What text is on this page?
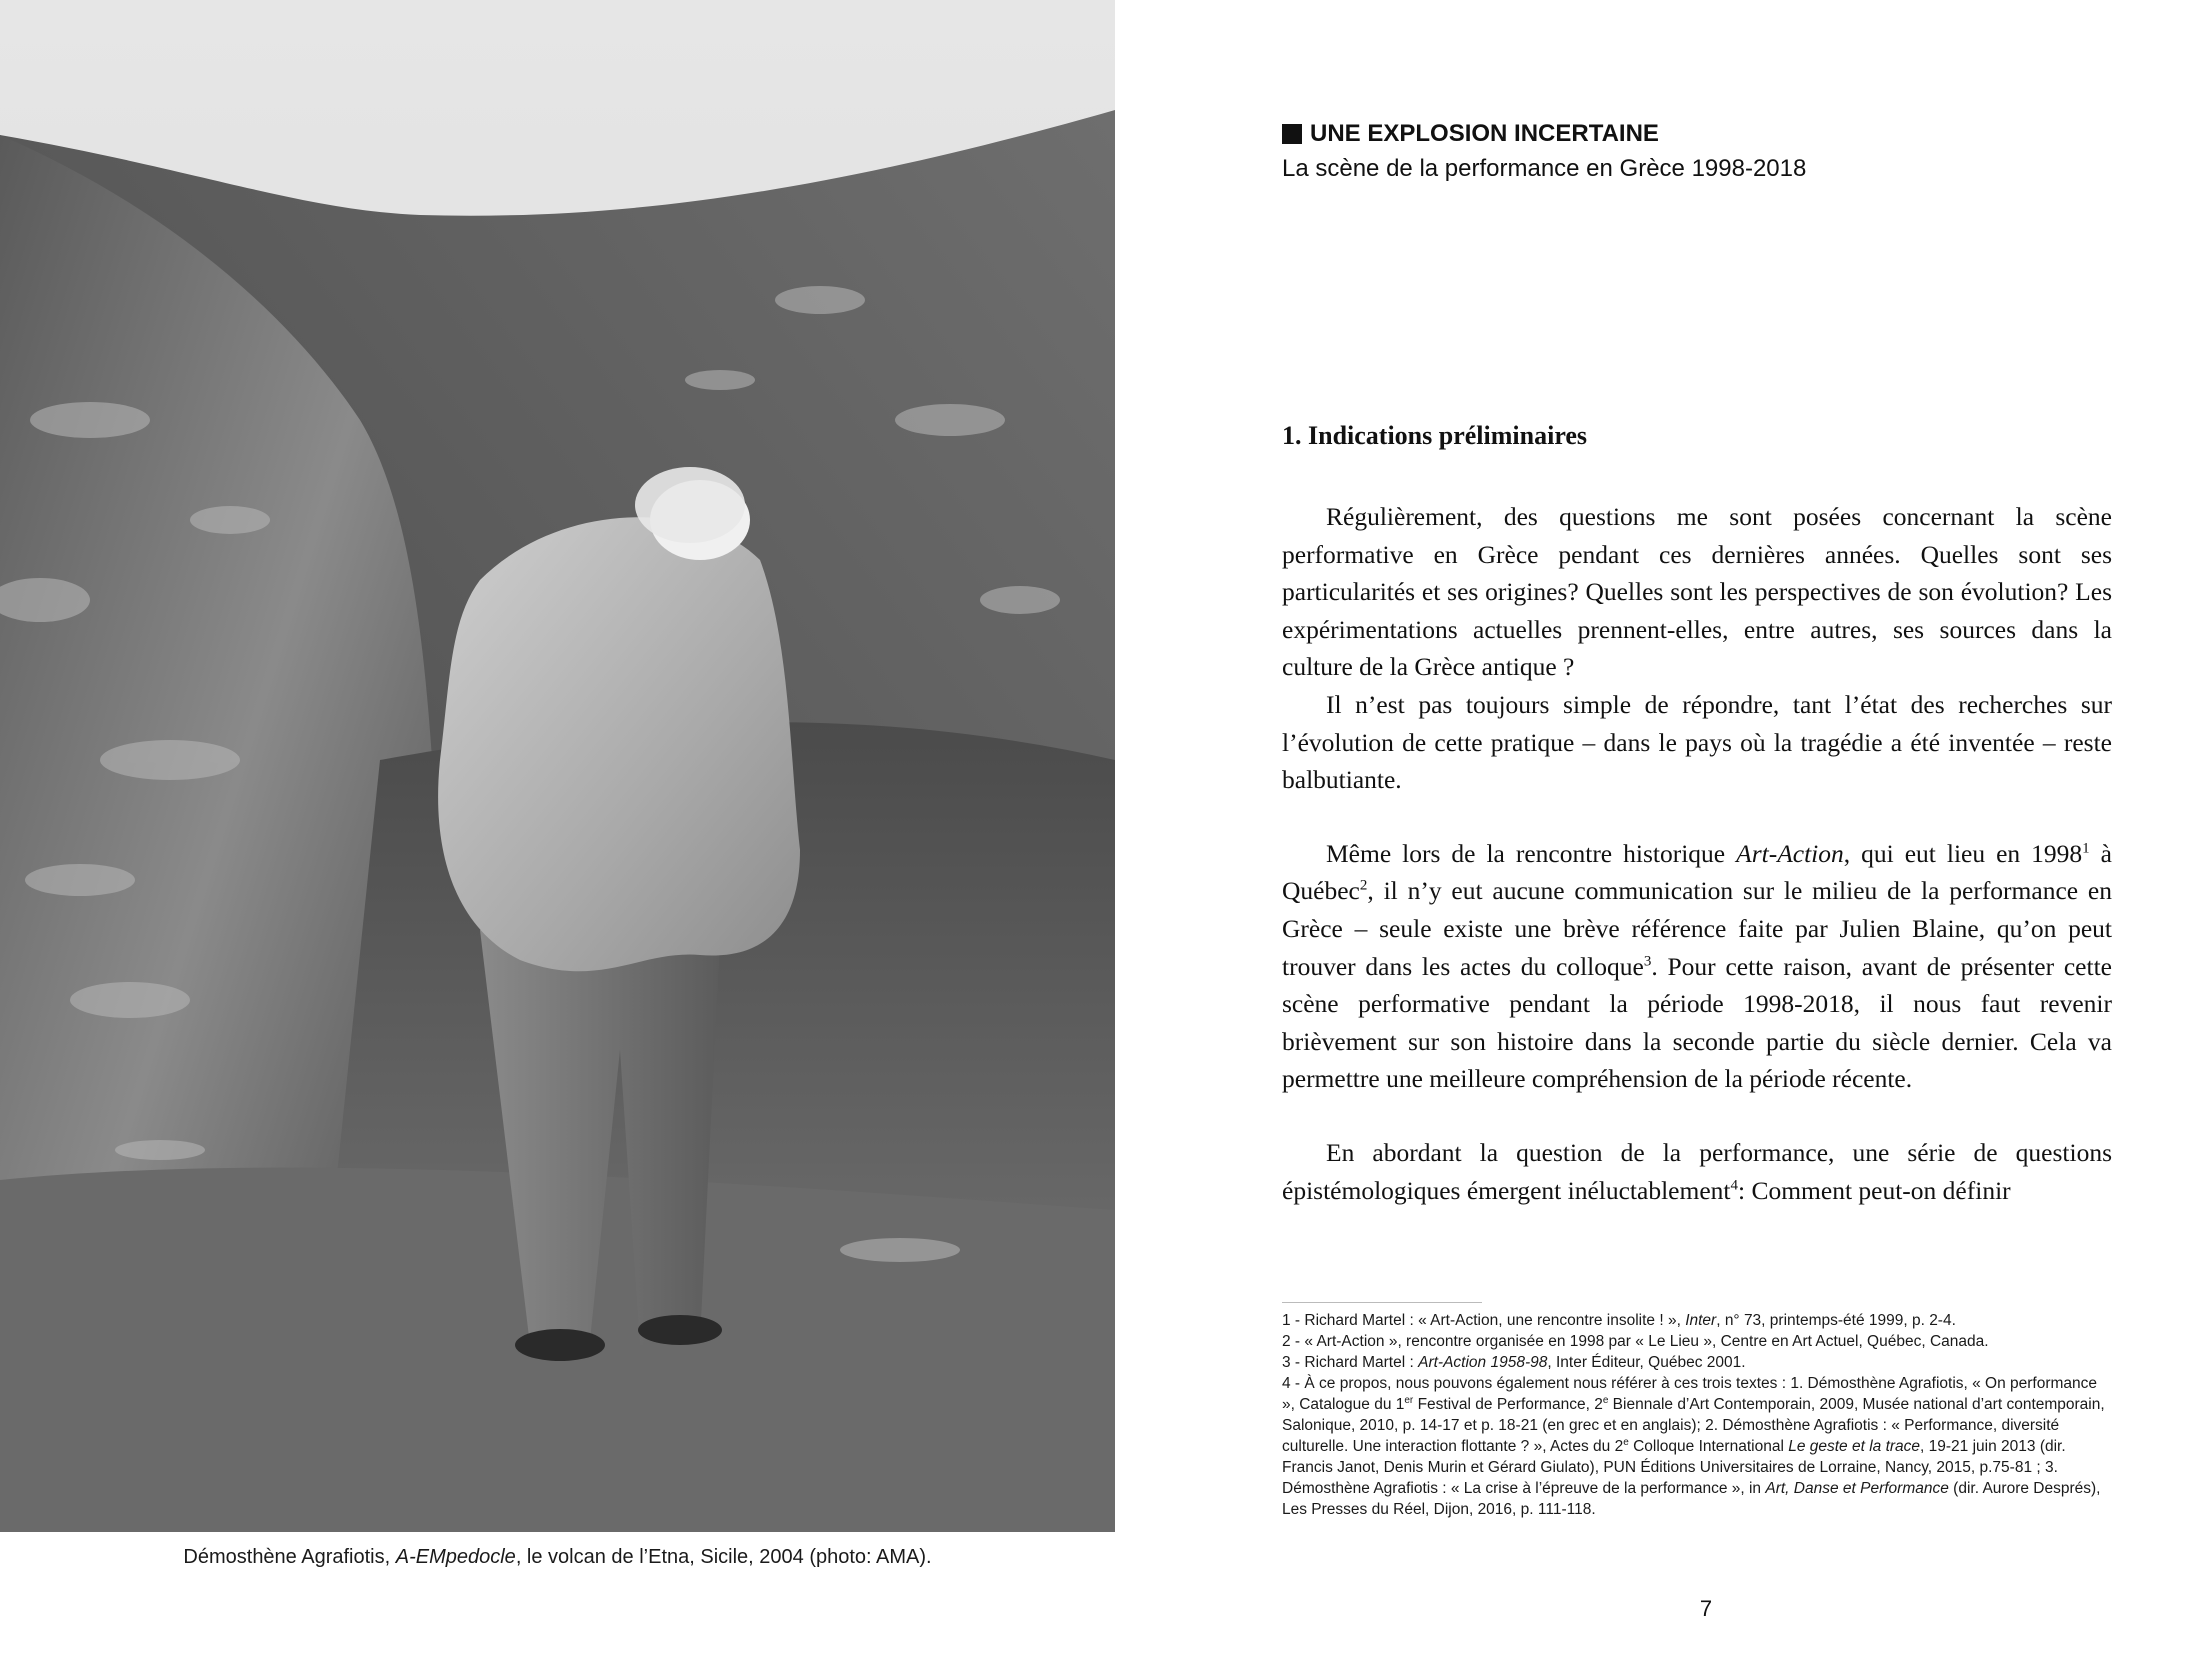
Démosthène Agrafiotis, A-EMpedocle, le volcan de l’Etna, Sicile, 2004 (photo: AMA).
UNE EXPLOSION INCERTAINE
La scène de la performance en Grèce 1998-2018
1. Indications préliminaires

Régulièrement, des questions me sont posées concernant la scène performative en Grèce pendant ces dernières années. Quelles sont ses particularités et ses origines? Quelles sont les perspectives de son évolution? Les expérimentations actuelles prennent-elles, entre autres, ses sources dans la culture de la Grèce antique ?

Il n’est pas toujours simple de répondre, tant l’état des recherches sur l’évolution de cette pratique – dans le pays où la tragédie a été inventée – reste balbutiante.

Même lors de la rencontre historique Art-Action, qui eut lieu en 1998$^1$ à Québec$^2$, il n’y eut aucune communication sur le milieu de la performance en Grèce – seule existe une brève référence faite par Julien Blaine, qu’on peut trouver dans les actes du colloque$^3$. Pour cette raison, avant de présenter cette scène performative pendant la période 1998-2018, il nous faut revenir brièvement sur son histoire dans la seconde partie du siècle dernier. Cela va permettre une meilleure compréhension de la période récente.

En abordant la question de la performance, une série de questions épistémologiques émergent inéluctablement$^4$: Comment peut-on définir

1 - Richard Martel : « Art-Action, une rencontre insolite ! », Inter, n° 73, printemps-été 1999, p. 2-4.

2 - « Art-Action », rencontre organisée en 1998 par « Le Lieu », Centre en Art Actuel, Québec, Canada.

3 - Richard Martel : Art-Action 1958-98, Inter Éditeur, Québec 2001.

4 - À ce propos, nous pouvons également nous référer à ces trois textes : 1. Démosthène Agrafiotis, « On performance », Catalogue du 1er Festival de Performance, 2e Biennale d’Art Contemporain, 2009, Musée national d’art contemporain, Salonique, 2010, p. 14-17 et p. 18-21 (en grec et en anglais); 2. Démosthène Agrafiotis : « Performance, diversité culturelle. Une interaction flottante ? », Actes du 2e Colloque International Le geste et la trace, 19-21 juin 2013 (dir. Francis Janot, Denis Murin et Gérard Giulato), PUN Éditions Universitaires de Lorraine, Nancy, 2015, p.75-81 ; 3. Démosthène Agrafiotis : « La crise à l’épreuve de la performance », in Art, Danse et Performance (dir. Aurore Després), Les Presses du Réel, Dijon, 2016, p. 111-118.

7
